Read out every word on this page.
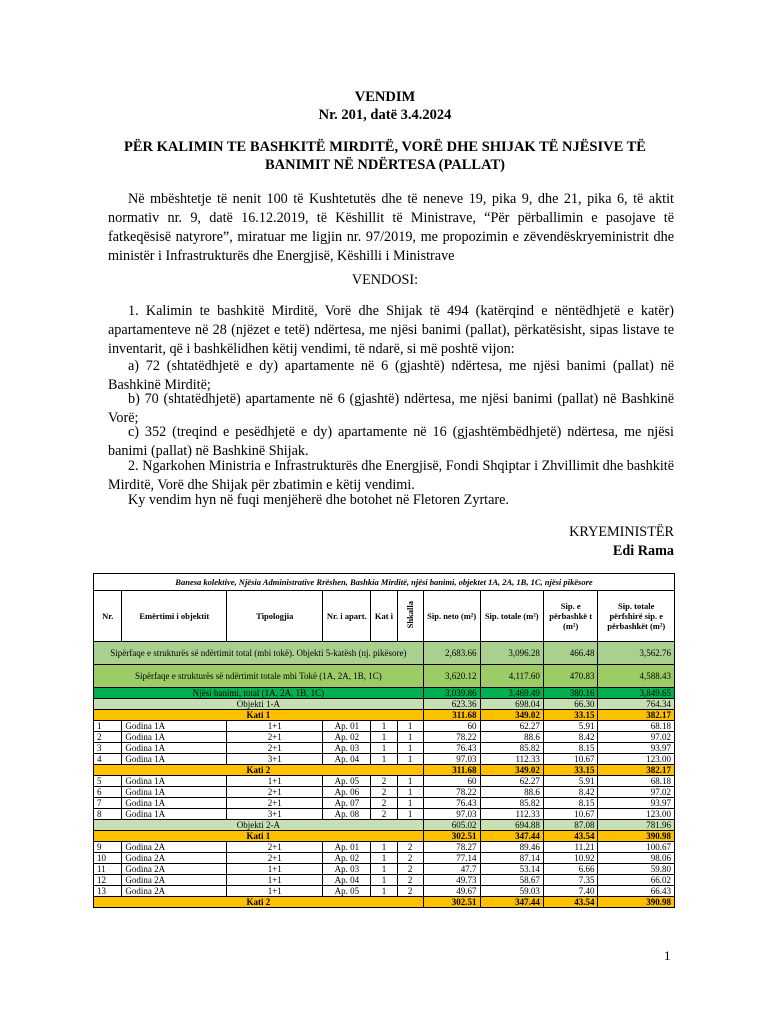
VENDIM
Nr. 201, datë 3.4.2024
PËR KALIMIN TE BASHKITË MIRDITË, VORË DHE SHIJAK TË NJËSIVE TË BANIMIT NË NDËRTESA (PALLAT)
Në mbështetje të nenit 100 të Kushtetutës dhe të neneve 19, pika 9, dhe 21, pika 6, të aktit normativ nr. 9, datë 16.12.2019, të Këshillit të Ministrave, “Për përballimin e pasojave të fatkeqësisë natyrore”, miratuar me ligjin nr. 97/2019, me propozimin e zëvendëskryeministrit dhe ministër i Infrastrukturës dhe Energjisë, Këshilli i Ministrave
VENDOSI:
1. Kalimin te bashkitë Mirditë, Vorë dhe Shijak të 494 (katërqind e nëntëdhjetë e katër) apartamenteve në 28 (njëzet e tetë) ndërtesa, me njësi banimi (pallat), përkatësisht, sipas listave te inventarit, që i bashkëlidhen këtij vendimi, të ndarë, si më poshtë vijon:
a) 72 (shtatëdhjetë e dy) apartamente në 6 (gjashtë) ndërtesa, me njësi banimi (pallat) në Bashkinë Mirditë;
b) 70 (shtatëdhjetë) apartamente në 6 (gjashtë) ndërtesa, me njësi banimi (pallat) në Bashkinë Vorë;
c) 352 (treqind e pesëdhjetë e dy) apartamente në 16 (gjashtëmbëdhjetë) ndërtesa, me njësi banimi (pallat) në Bashkinë Shijak.
2. Ngarkohen Ministria e Infrastrukturës dhe Energjisë, Fondi Shqiptar i Zhvillimit dhe bashkitë Mirditë, Vorë dhe Shijak për zbatimin e këtij vendimi.
Ky vendim hyn në fuqi menjëherë dhe botohet në Fletoren Zyrtare.
KRYEMINISTËR
Edi Rama
Banesa kolektive, Njësia Administrative Rrëshen, Bashkia Mirditë, njësi banimi, objektet 1A, 2A, 1B, 1C, njësi pikësore									
Nr.	Emërtimi i objektit	Tipologjia	Nr. i apart.	Kat i	Shkalla	Sip. neto (m²)	Sip. totale (m²)	Sip. e përbashkë t (m²)	Sip. totale përfshirë sip. e përbashkët (m²)
Sipërfaqe e strukturës së ndërtimit total (mbi tokë). Objekti 5-katësh (nj. pikësore)						2,683.66	3,096.28	466.48	3,562.76
Sipërfaqe e strukturës së ndërtimit totale mbi Tokë (1A, 2A, 1B, 1C)						3,620.12	4,117.60	470.83	4,588.43
Njësi banimi, total (1A, 2A, 1B, 1C)						3,039.86	3,469.49	380.16	3,849.65
Objekti 1-A						623.36	698.04	66.30	764.34
Kati 1						311.68	349.02	33.15	382.17
1	Godina 1A	1+1	Ap. 01	1	1	60	62.27	5.91	68.18
2	Godina 1A	2+1	Ap. 02	1	1	78.22	88.6	8.42	97.02
3	Godina 1A	2+1	Ap. 03	1	1	76.43	85.82	8.15	93.97
4	Godina 1A	3+1	Ap. 04	1	1	97.03	112.33	10.67	123.00
Kati 2						311.68	349.02	33.15	382.17
5	Godina 1A	1+1	Ap. 05	2	1	60	62.27	5.91	68.18
6	Godina 1A	2+1	Ap. 06	2	1	78.22	88.6	8.42	97.02
7	Godina 1A	2+1	Ap. 07	2	1	76.43	85.82	8.15	93.97
8	Godina 1A	3+1	Ap. 08	2	1	97.03	112.33	10.67	123.00
Objekti 2-A						605.02	694.88	87.08	781.96
Kati 1						302.51	347.44	43.54	390.98
9	Godina 2A	2+1	Ap. 01	1	2	78.27	89.46	11.21	100.67
10	Godina 2A	2+1	Ap. 02	1	2	77.14	87.14	10.92	98.06
11	Godina 2A	1+1	Ap. 03	1	2	47.7	53.14	6.66	59.80
12	Godina 2A	1+1	Ap. 04	1	2	49.73	58.67	7.35	66.02
13	Godina 2A	1+1	Ap. 05	1	2	49.67	59.03	7.40	66.43
Kati 2						302.51	347.44	43.54	390.98
1
